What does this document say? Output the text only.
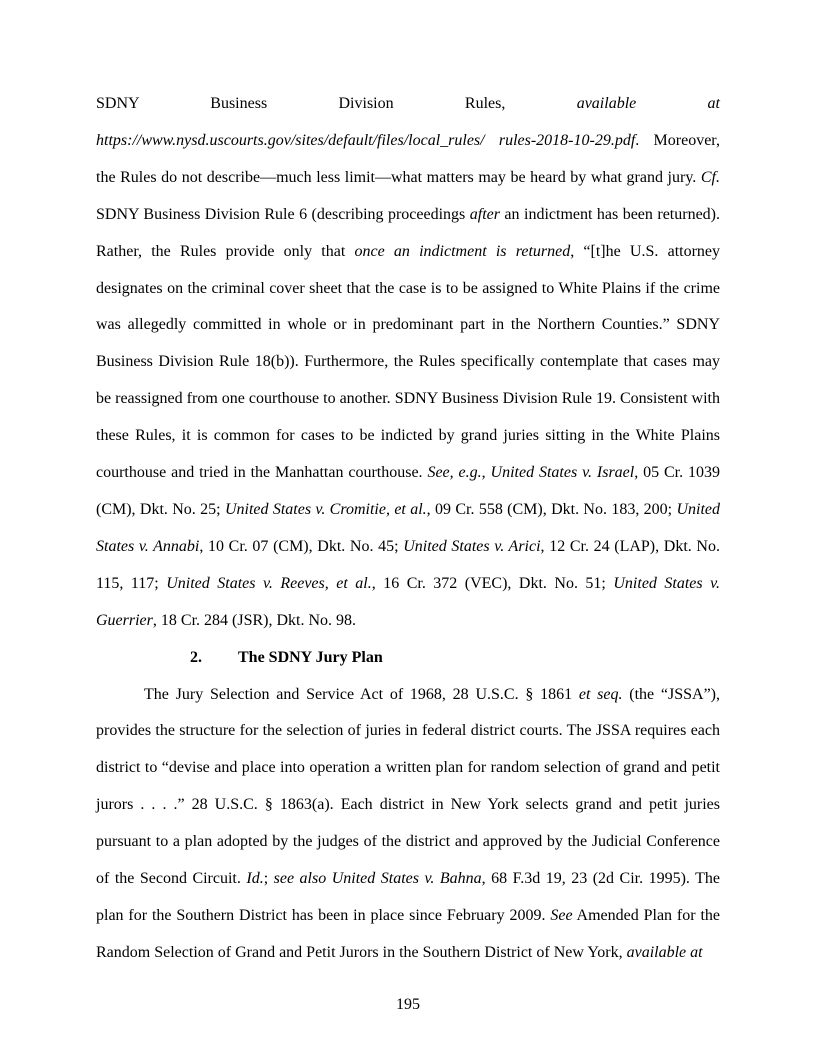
SDNY Business Division Rules, available at https://www.nysd.uscourts.gov/sites/default/files/local_rules/ rules-2018-10-29.pdf. Moreover, the Rules do not describe—much less limit—what matters may be heard by what grand jury. Cf. SDNY Business Division Rule 6 (describing proceedings after an indictment has been returned). Rather, the Rules provide only that once an indictment is returned, “[t]he U.S. attorney designates on the criminal cover sheet that the case is to be assigned to White Plains if the crime was allegedly committed in whole or in predominant part in the Northern Counties.” SDNY Business Division Rule 18(b)). Furthermore, the Rules specifically contemplate that cases may be reassigned from one courthouse to another. SDNY Business Division Rule 19. Consistent with these Rules, it is common for cases to be indicted by grand juries sitting in the White Plains courthouse and tried in the Manhattan courthouse. See, e.g., United States v. Israel, 05 Cr. 1039 (CM), Dkt. No. 25; United States v. Cromitie, et al., 09 Cr. 558 (CM), Dkt. No. 183, 200; United States v. Annabi, 10 Cr. 07 (CM), Dkt. No. 45; United States v. Arici, 12 Cr. 24 (LAP), Dkt. No. 115, 117; United States v. Reeves, et al., 16 Cr. 372 (VEC), Dkt. No. 51; United States v. Guerrier, 18 Cr. 284 (JSR), Dkt. No. 98.

2. The SDNY Jury Plan

The Jury Selection and Service Act of 1968, 28 U.S.C. § 1861 et seq. (the “JSSA”), provides the structure for the selection of juries in federal district courts. The JSSA requires each district to “devise and place into operation a written plan for random selection of grand and petit jurors . . . .” 28 U.S.C. § 1863(a). Each district in New York selects grand and petit juries pursuant to a plan adopted by the judges of the district and approved by the Judicial Conference of the Second Circuit. Id.; see also United States v. Bahna, 68 F.3d 19, 23 (2d Cir. 1995). The plan for the Southern District has been in place since February 2009. See Amended Plan for the Random Selection of Grand and Petit Jurors in the Southern District of New York, available at

195
